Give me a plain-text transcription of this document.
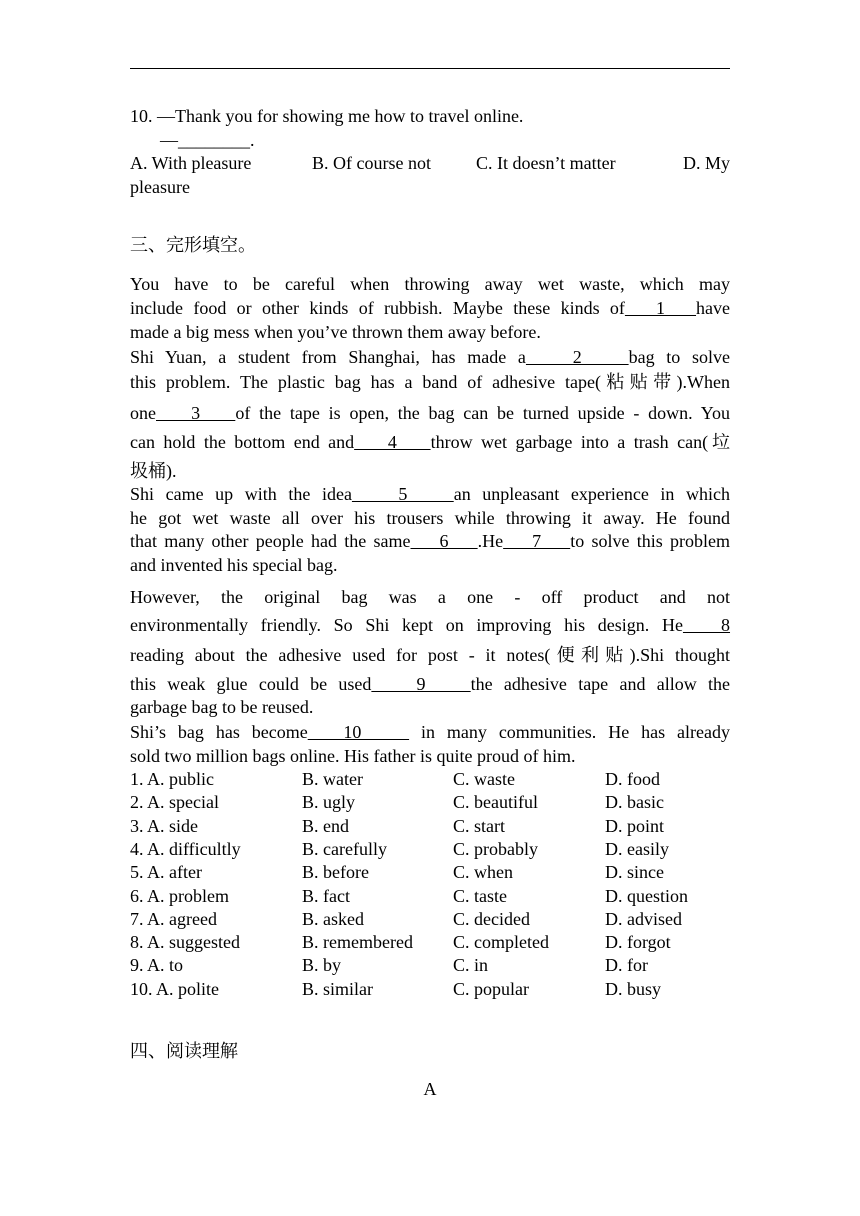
10. —Thank you for showing me how to travel online.
—________.
A. With pleasure	B. Of course not	C. It doesn’t matter	D. My
pleasure
三、完形填空。
You have to be careful when throwing away wet waste, which may
include food or other kinds of rubbish. Maybe these kinds of   1   have
made a big mess when you’ve thrown them away before.
Shi Yuan, a student from Shanghai, has made a    2    bag to solve
this problem. The plastic bag has a band of adhesive tape(粘贴带).When
one    3    of the tape is open, the bag can be turned upside - down. You
can hold the bottom end and    4    throw wet garbage into a trash can(垃
圾桶).
Shi came up with the idea    5    an unpleasant experience in which
he got wet waste all over his trousers while throwing it away. He found
that many other people had the same    6    .He    7    to solve this problem
and invented his special bag.
However, the original bag was a one - off product and not
environmentally friendly. So Shi kept on improving his design. He   8
reading about the adhesive used for post - it notes(便利贴).Shi thought
this weak glue could be used    9    the adhesive tape and allow the
garbage bag to be reused.
Shi’s bag has become   10     in many communities. He has already
sold two million bags online. His father is quite proud of him.
1. A. public	B. water	C. waste	D. food
2. A. special	B. ugly	C. beautiful	D. basic
3. A. side	B. end	C. start	D. point
4. A. difficultly	B. carefully	C. probably	D. easily
5. A. after	B. before	C. when	D. since
6. A. problem	B. fact	C. taste	D. question
7. A. agreed	B. asked	C. decided	D. advised
8. A. suggested	B. remembered C. completed	D. forgot
9. A. to	B. by	C. in	D. for
10. A. polite	B. similar	C. popular	D. busy
四、阅读理解
A
